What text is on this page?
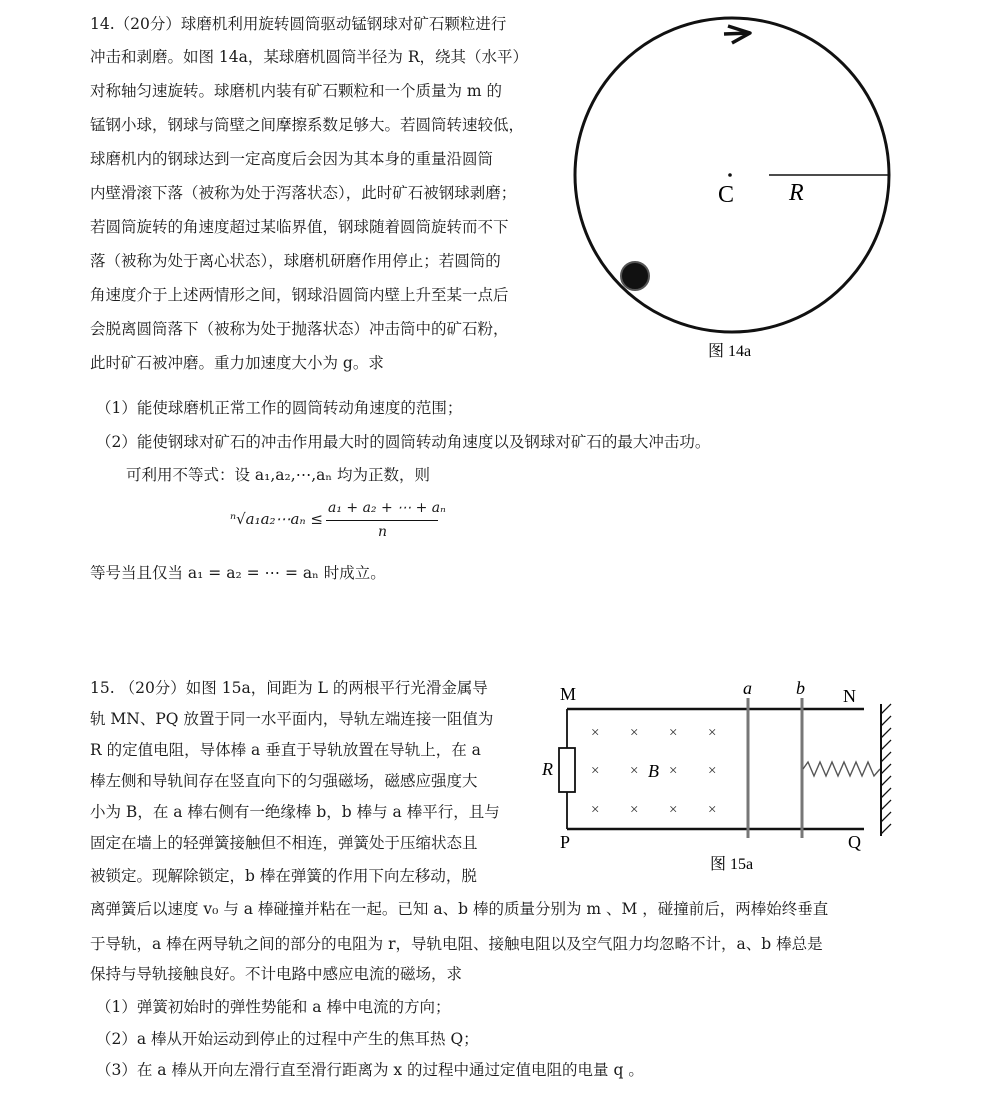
14.（20分）球磨机利用旋转圆筒驱动锰钢球对矿石颗粒进行
冲击和剥磨。如图 14a，某球磨机圆筒半径为 R，绕其（水平）
对称轴匀速旋转。球磨机内装有矿石颗粒和一个质量为 m 的
锰钢小球，钢球与筒壁之间摩擦系数足够大。若圆筒转速较低，
球磨机内的钢球达到一定高度后会因为其本身的重量沿圆筒
内壁滑滚下落（被称为处于泻落状态），此时矿石被钢球剥磨；
若圆筒旋转的角速度超过某临界值，钢球随着圆筒旋转而不下
落（被称为处于离心状态），球磨机研磨作用停止；若圆筒的
角速度介于上述两情形之间，钢球沿圆筒内壁上升至某一点后
会脱离圆筒落下（被称为处于抛落状态）冲击筒中的矿石粉，
此时矿石被冲磨。重力加速度大小为 g。求
C R
图 14a
（1）能使球磨机正常工作的圆筒转动角速度的范围；
（2）能使钢球对矿石的冲击作用最大时的圆筒转动角速度以及钢球对矿石的最大冲击功。
可利用不等式：设 a₁,a₂,⋯,aₙ 均为正数，则
ⁿ√a₁a₂⋯aₙ ≤
a₁ + a₂ + ⋯ + aₙ
n
等号当且仅当 a₁ = a₂ = ⋯ = aₙ 时成立。
15. （20分）如图 15a，间距为 L 的两根平行光滑金属导
轨 MN、PQ 放置于同一水平面内，导轨左端连接一阻值为
R 的定值电阻，导体棒 a 垂直于导轨放置在导轨上，在 a
棒左侧和导轨间存在竖直向下的匀强磁场，磁感应强度大
小为 B，在 a 棒右侧有一绝缘棒 b，b 棒与 a 棒平行，且与
固定在墙上的轻弹簧接触但不相连，弹簧处于压缩状态且
被锁定。现解除锁定，b 棒在弹簧的作用下向左移动，脱
离弹簧后以速度 v₀ 与 a 棒碰撞并粘在一起。已知 a、b 棒的质量分别为 m 、M ，碰撞前后，两棒始终垂直
于导轨，a 棒在两导轨之间的部分的电阻为 r，导轨电阻、接触电阻以及空气阻力均忽略不计，a、b 棒总是
保持与导轨接触良好。不计电路中感应电流的磁场，求
（1）弹簧初始时的弹性势能和 a 棒中电流的方向；
（2）a 棒从开始运动到停止的过程中产生的焦耳热 Q；
（3）在 a 棒从开向左滑行直至滑行距离为 x 的过程中通过定值电阻的电量 q 。
M	N
P	Q
a b
R	B
× × × ×
× × × ×
× × × ×
图 15a
